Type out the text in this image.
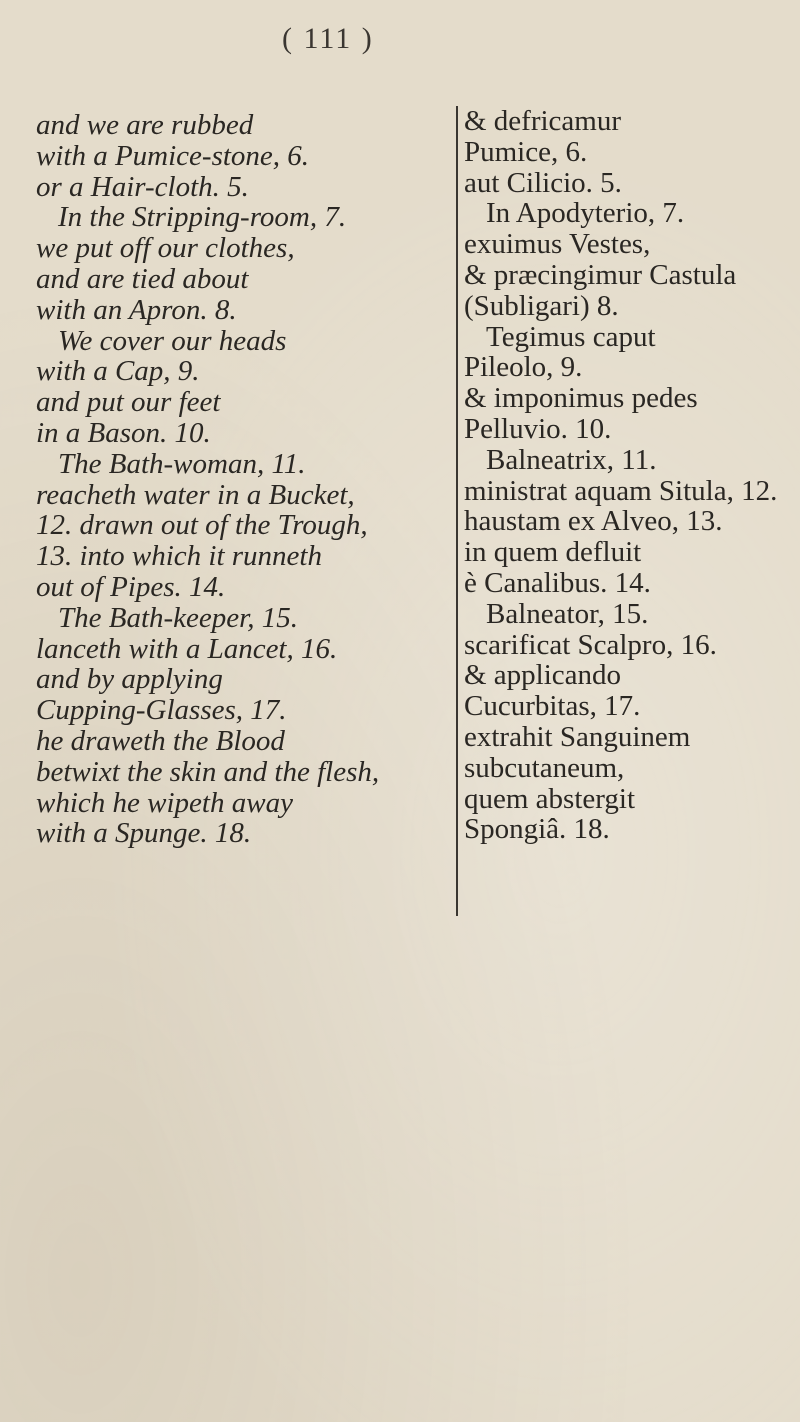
( 111 )
and we are rubbed
with a Pumice-stone, 6.
or a Hair-cloth. 5.
In the Stripping-room, 7.
we put off our clothes,
and are tied about
with an Apron. 8.
We cover our heads
with a Cap, 9.
and put our feet
in a Bason. 10.
The Bath-woman, 11.
reacheth water in a Bucket,
12. drawn out of the Trough,
13. into which it runneth
out of Pipes. 14.
The Bath-keeper, 15.
lanceth with a Lancet, 16.
and by applying
Cupping-Glasses, 17.
he draweth the Blood
betwixt the skin and the flesh,
which he wipeth away
with a Spunge. 18.
& defricamur
Pumice, 6.
aut Cilicio. 5.
In Apodyterio, 7.
exuimus Vestes,
& præcingimur Castula
(Subligari) 8.
Tegimus caput
Pileolo, 9.
& imponimus pedes
Pelluvio. 10.
Balneatrix, 11.
ministrat aquam Situla, 12.
haustam ex Alveo, 13.
in quem defluit
è Canalibus. 14.
Balneator, 15.
scarificat Scalpro, 16.
& applicando
Cucurbitas, 17.
extrahit Sanguinem
subcutaneum,
quem abstergit
Spongiâ. 18.
